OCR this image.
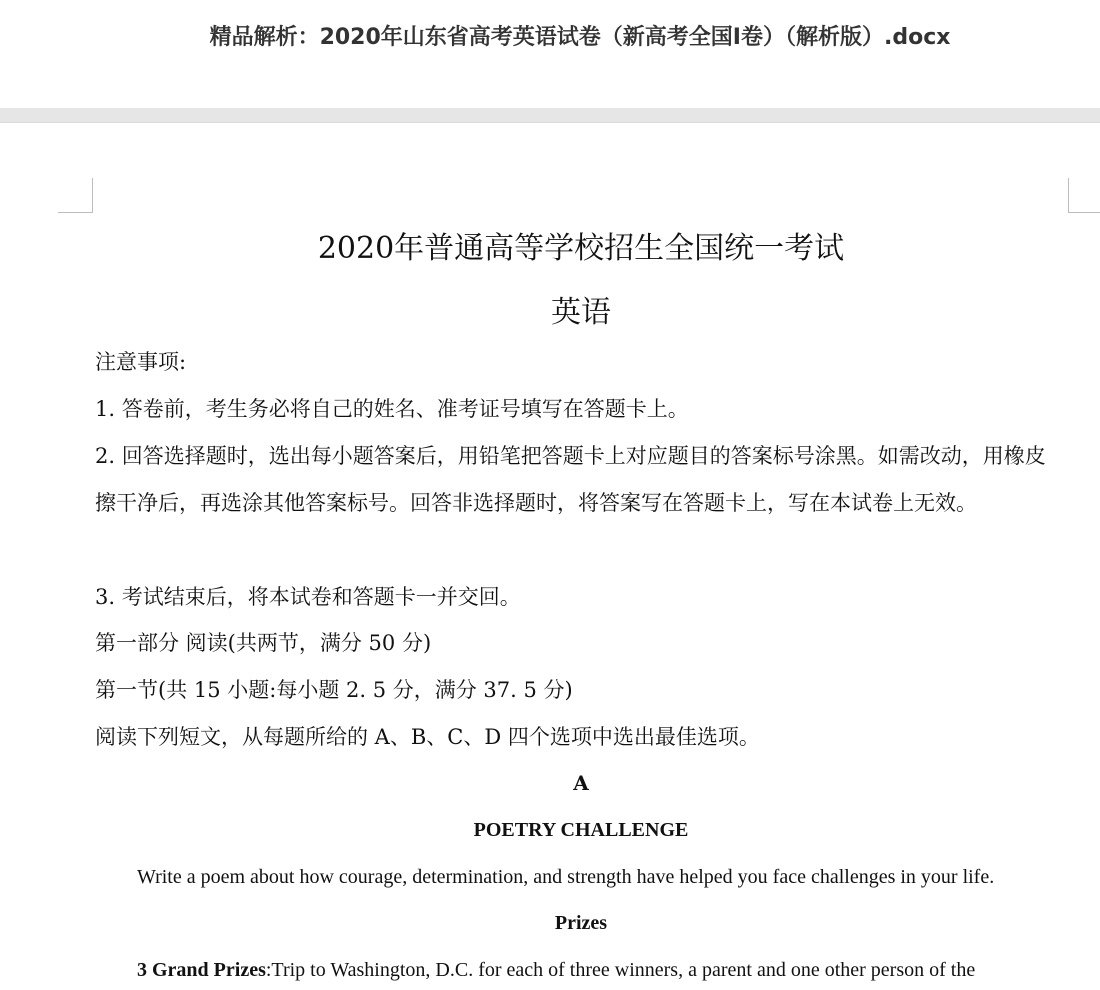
精品解析：2020年山东省高考英语试卷（新高考全国Ⅰ卷）（解析版）.docx
2020年普通高等学校招生全国统一考试
英语
注意事项:
1. 答卷前，考生务必将自己的姓名、准考证号填写在答题卡上。
2. 回答选择题时，选出每小题答案后，用铅笔把答题卡上对应题目的答案标号涂黑。如需改动，用橡皮擦干净后，再选涂其他答案标号。回答非选择题时，将答案写在答题卡上，写在本试卷上无效。
3. 考试结束后，将本试卷和答题卡一并交回。
第一部分 阅读(共两节，满分 50 分)
第一节(共 15 小题:每小题 2. 5 分，满分 37. 5 分)
阅读下列短文，从每题所给的 A、B、C、D 四个选项中选出最佳选项。
A
POETRY CHALLENGE
Write a poem about how courage, determination, and strength have helped you face challenges in your life.
Prizes
3 Grand Prizes:Trip to Washington, D.C. for each of three winners, a parent and one other person of the
